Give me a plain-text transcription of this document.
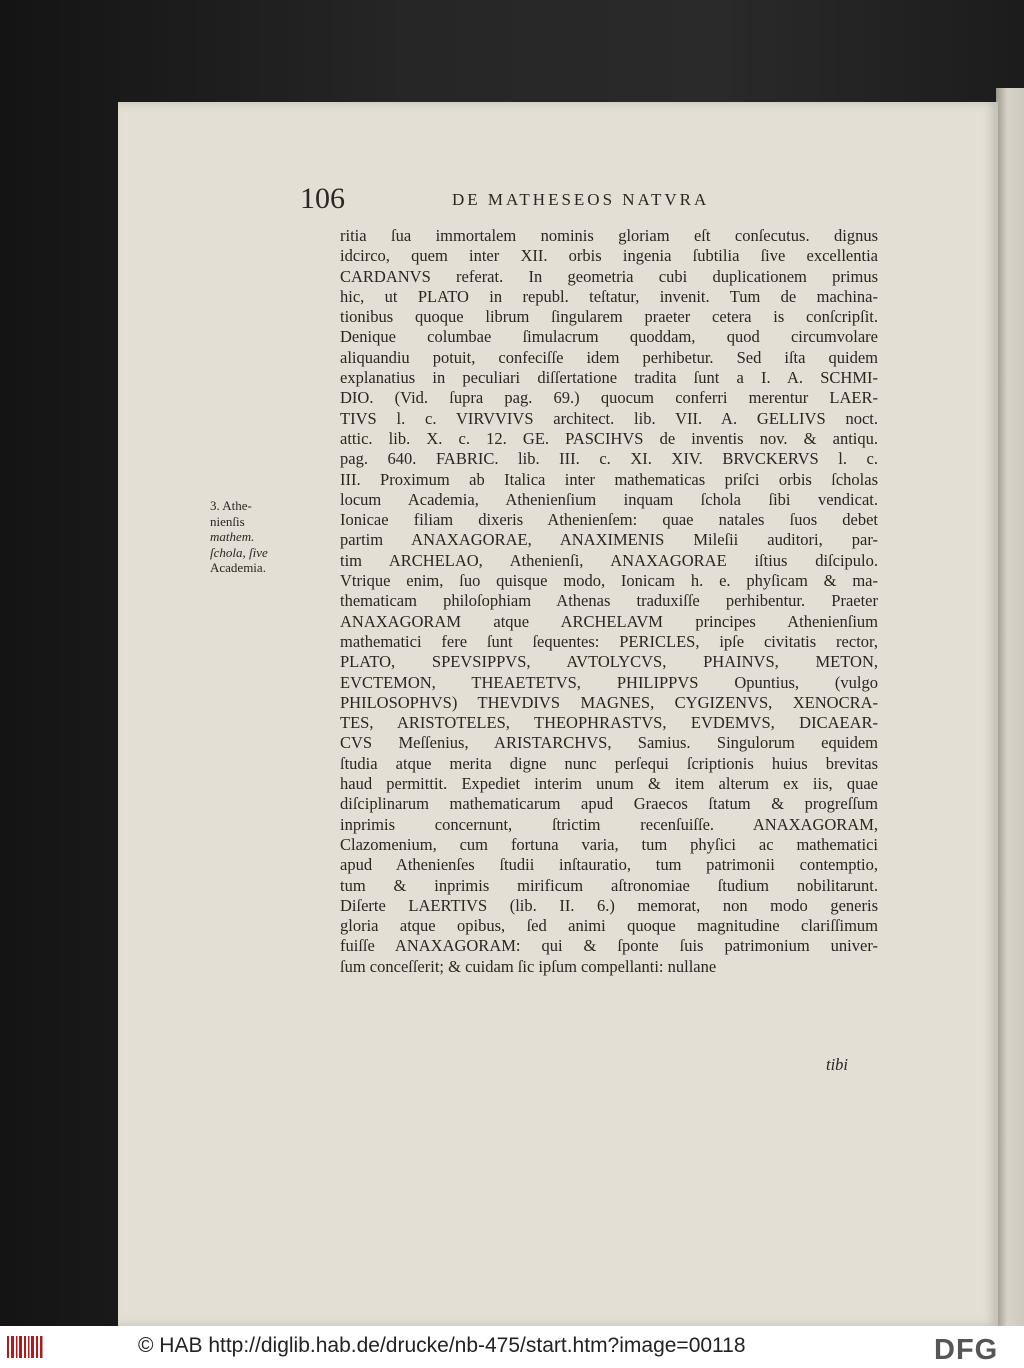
106	DE MATHESEOS NATVRA
3. Athe-
nienſis
mathem.
ſchola, ſive
Academia.
ritia ſua immortalem nominis gloriam eſt conſecutus. dignus
idcirco, quem inter XII. orbis ingenia ſubtilia ſive excellentia
CARDANVS referat. In geometria cubi duplicationem primus
hic, ut PLATO in republ. teſtatur, invenit. Tum de machina-
tionibus quoque librum ſingularem praeter cetera is conſcripſit.
Denique columbae ſimulacrum quoddam, quod circumvolare
aliquandiu potuit, confeciſſe idem perhibetur. Sed iſta quidem
explanatius in peculiari diſſertatione tradita ſunt a I. A. SCHMI-
DIO. (Vid. ſupra pag. 69.) quocum conferri merentur LAER-
TIVS l. c. VIRVVIVS architect. lib. VII. A. GELLIVS noct.
attic. lib. X. c. 12. GE. PASCIHVS de inventis nov. & antiqu.
pag. 640. FABRIC. lib. III. c. XI. XIV. BRVCKERVS l. c.
III. Proximum ab Italica inter mathematicas priſci orbis ſcholas
locum Academia, Athenienſium inquam ſchola ſibi vendicat.
Ionicae filiam dixeris Athenienſem: quae natales ſuos debet
partim ANAXAGORAE, ANAXIMENIS Mileſii auditori, par-
tim ARCHELAO, Athenienſi, ANAXAGORAE iſtius diſcipulo.
Vtrique enim, ſuo quisque modo, Ionicam h. e. phyſicam & ma-
thematicam philoſophiam Athenas traduxiſſe perhibentur. Praeter
ANAXAGORAM atque ARCHELAVM principes Athenienſium
mathematici fere ſunt ſequentes: PERICLES, ipſe civitatis rector,
PLATO, SPEVSIPPVS, AVTOLYCVS, PHAINVS, METON,
EVCTEMON, THEAETETVS, PHILIPPVS Opuntius, (vulgo
PHILOSOPHVS) THEVDIVS MAGNES, CYGIZENVS, XENOCRA-
TES, ARISTOTELES, THEOPHRASTVS, EVDEMVS, DICAEAR-
CVS Meſſenius, ARISTARCHVS, Samius. Singulorum equidem
ſtudia atque merita digne nunc perſequi ſcriptionis huius brevitas
haud permittit. Expediet interim unum & item alterum ex iis, quae
diſciplinarum mathematicarum apud Graecos ſtatum & progreſſum
inprimis concernunt, ſtrictim recenſuiſſe. ANAXAGORAM,
Clazomenium, cum fortuna varia, tum phyſici ac mathematici
apud Athenienſes ſtudii inſtauratio, tum patrimonii contemptio,
tum & inprimis mirificum aſtronomiae ſtudium nobilitarunt.
Diſerte LAERTIVS (lib. II. 6.) memorat, non modo generis
gloria atque opibus, ſed animi quoque magnitudine clariſſimum
fuiſſe ANAXAGORAM: qui & ſponte ſuis patrimonium univer-
ſum conceſſerit; & cuidam ſic ipſum compellanti: nullane
tibi
© HAB http://diglib.hab.de/drucke/nb-475/start.htm?image=00118	DFG
